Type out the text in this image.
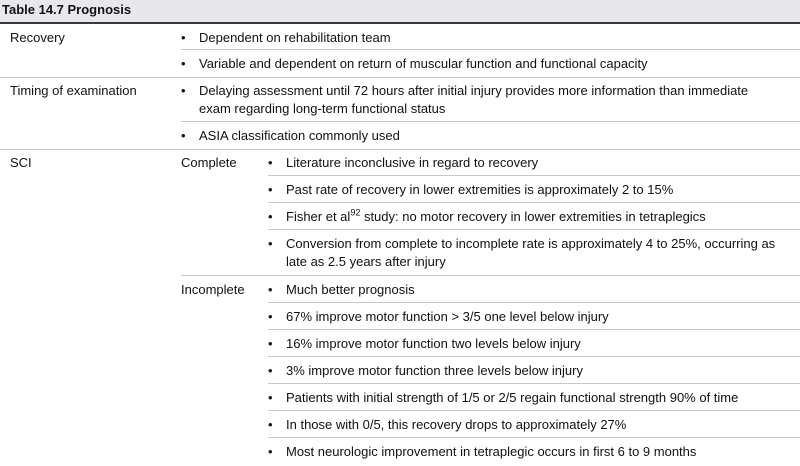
Table 14.7 Prognosis
Recovery	•	Dependent on rehabilitation team
•	Variable and dependent on return of muscular function and functional capacity
Timing of examination	•	Delaying assessment until 72 hours after initial injury provides more information than immediate exam regarding long-term functional status
•	ASIA classification commonly used
SCI	Complete •	Literature inconclusive in regard to recovery
•	Past rate of recovery in lower extremities is approximately 2 to 15%
•	Fisher et $al^{92}$ study: no motor recovery in lower extremities in tetraplegics
•	Conversion from complete to incomplete rate is approximately 4 to 25%, occurring as late as 2.5 years after injury
Incomplete •	Much better prognosis
•	67% improve motor function > 3/5 one level below injury
•	16% improve motor function two levels below injury
•	3% improve motor function three levels below injury
•	Patients with initial strength of 1/5 or 2/5 regain functional strength 90% of time
•	In those with 0/5, this recovery drops to approximately 27%
•	Most neurologic improvement in tetraplegic occurs in first 6 to 9 months
